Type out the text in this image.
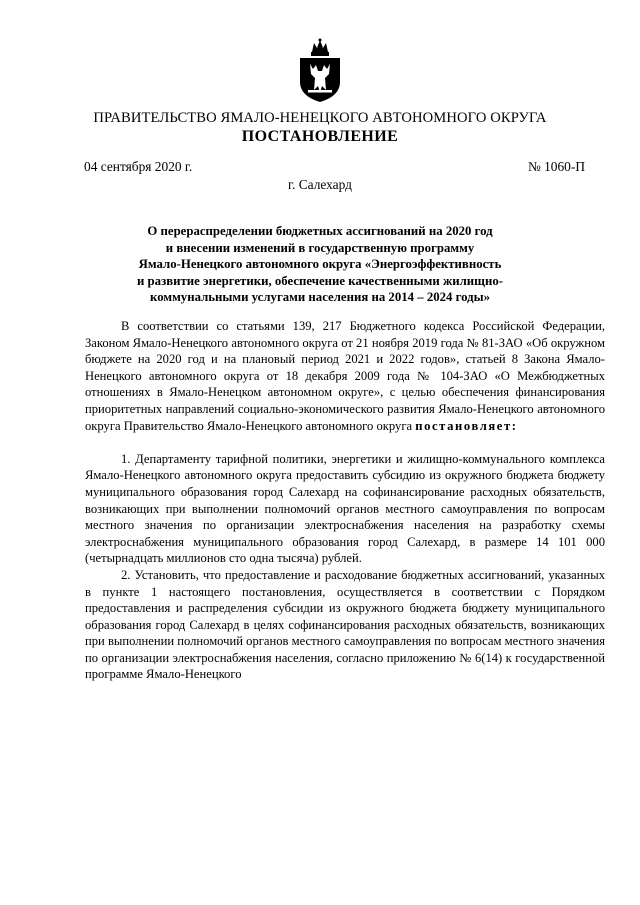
ПРАВИТЕЛЬСТВО ЯМАЛО-НЕНЕЦКОГО АВТОНОМНОГО ОКРУГА
ПОСТАНОВЛЕНИЕ
04 сентября 2020 г.	№ 1060-П
г. Салехард
О перераспределении бюджетных ассигнований на 2020 год
и внесении изменений в государственную программу
Ямало-Ненецкого автономного округа «Энергоэффективность
и развитие энергетики, обеспечение качественными жилищно-
коммунальными услугами населения на 2014 – 2024 годы»

В соответствии со статьями 139, 217 Бюджетного кодекса Российской Федерации, Законом Ямало-Ненецкого автономного округа от 21 ноября 2019 года № 81-ЗАО «Об окружном бюджете на 2020 год и на плановый период 2021 и 2022 годов», статьей 8 Закона Ямало-Ненецкого автономного округа от 18 декабря 2009 года № 104-ЗАО «О Межбюджетных отношениях в Ямало-Ненецком автономном округе», с целью обеспечения финансирования приоритетных направлений социально-экономического развития Ямало-Ненецкого автономного округа Правительство Ямало-Ненецкого автономного округа постановляет:

1. Департаменту тарифной политики, энергетики и жилищно-коммунального комплекса Ямало-Ненецкого автономного округа предоставить субсидию из окружного бюджета бюджету муниципального образования город Салехард на софинансирование расходных обязательств, возникающих при выполнении полномочий органов местного самоуправления по вопросам местного значения по организации электроснабжения населения на разработку схемы электроснабжения муниципального образования город Салехард, в размере 14 101 000 (четырнадцать миллионов сто одна тысяча) рублей.

2. Установить, что предоставление и расходование бюджетных ассигнований, указанных в пункте 1 настоящего постановления, осуществляется в соответствии с Порядком предоставления и распределения субсидии из окружного бюджета бюджету муниципального образования город Салехард в целях софинансирования расходных обязательств, возникающих при выполнении полномочий органов местного самоуправления по вопросам местного значения по организации электроснабжения населения, согласно приложению № 6(14) к государственной программе Ямало-Ненецкого
